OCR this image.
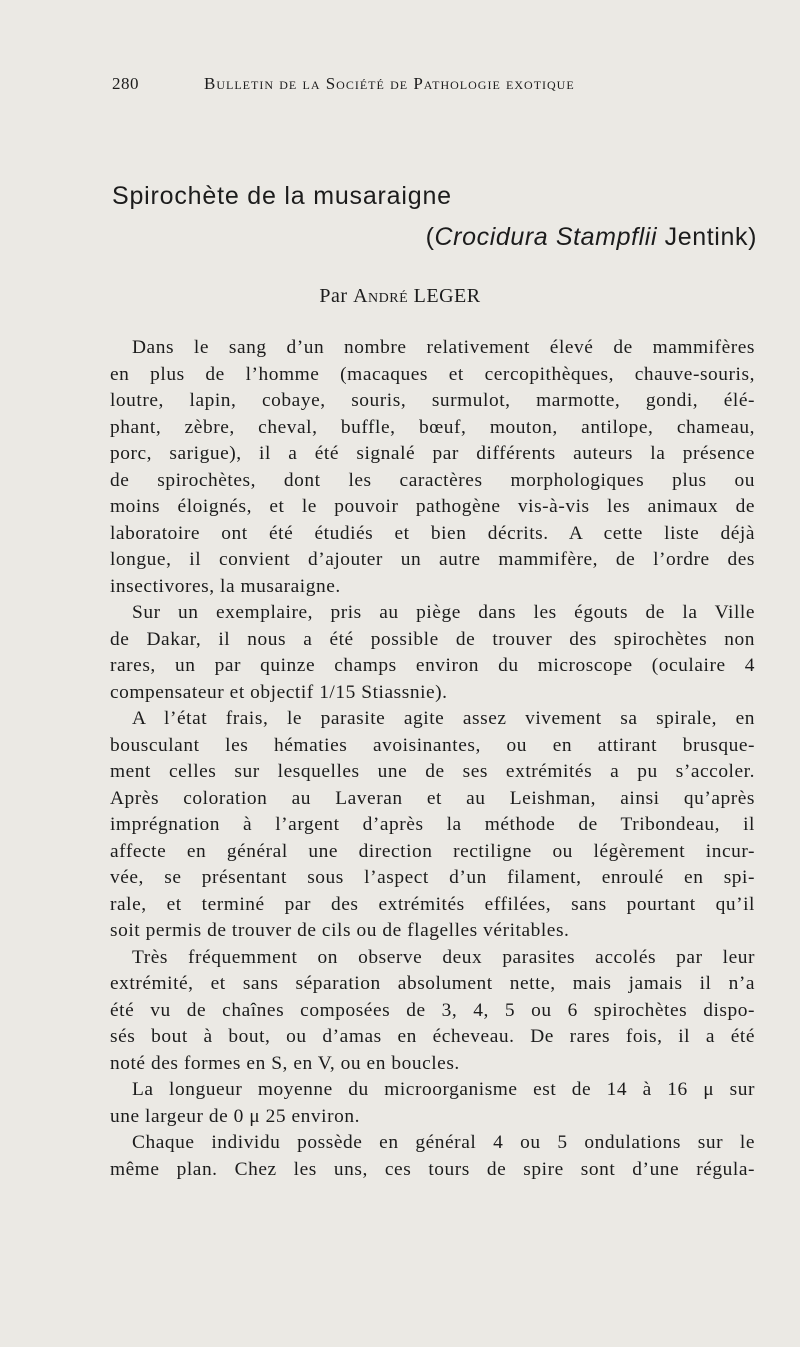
280	Bulletin de la Société de Pathologie exotique
Spirochète de la musaraigne
(Crocidura Stampflii Jentink)
Par André LEGER
Dans le sang d’un nombre relativement élevé de mammifères
en plus de l’homme (macaques et cercopithèques, chauve-souris,
loutre, lapin, cobaye, souris, surmulot, marmotte, gondi, élé-
phant, zèbre, cheval, buffle, bœuf, mouton, antilope, chameau,
porc, sarigue), il a été signalé par différents auteurs la présence
de spirochètes, dont les caractères morphologiques plus ou
moins éloignés, et le pouvoir pathogène vis-à-vis les animaux de
laboratoire ont été étudiés et bien décrits. A cette liste déjà
longue, il convient d’ajouter un autre mammifère, de l’ordre des
insectivores, la musaraigne.
Sur un exemplaire, pris au piège dans les égouts de la Ville
de Dakar, il nous a été possible de trouver des spirochètes non
rares, un par quinze champs environ du microscope (oculaire 4
compensateur et objectif 1/15 Stiassnie).
A l’état frais, le parasite agite assez vivement sa spirale, en
bousculant les hématies avoisinantes, ou en attirant brusque-
ment celles sur lesquelles une de ses extrémités a pu s’accoler.
Après coloration au Laveran et au Leishman, ainsi qu’après
imprégnation à l’argent d’après la méthode de Tribondeau, il
affecte en général une direction rectiligne ou légèrement incur-
vée, se présentant sous l’aspect d’un filament, enroulé en spi-
rale, et terminé par des extrémités effilées, sans pourtant qu’il
soit permis de trouver de cils ou de flagelles véritables.
Très fréquemment on observe deux parasites accolés par leur
extrémité, et sans séparation absolument nette, mais jamais il n’a
été vu de chaînes composées de 3, 4, 5 ou 6 spirochètes dispo-
sés bout à bout, ou d’amas en écheveau. De rares fois, il a été
noté des formes en S, en V, ou en boucles.
La longueur moyenne du microorganisme est de 14 à 16 μ sur
une largeur de 0 μ 25 environ.
Chaque individu possède en général 4 ou 5 ondulations sur le
même plan. Chez les uns, ces tours de spire sont d’une régula-
